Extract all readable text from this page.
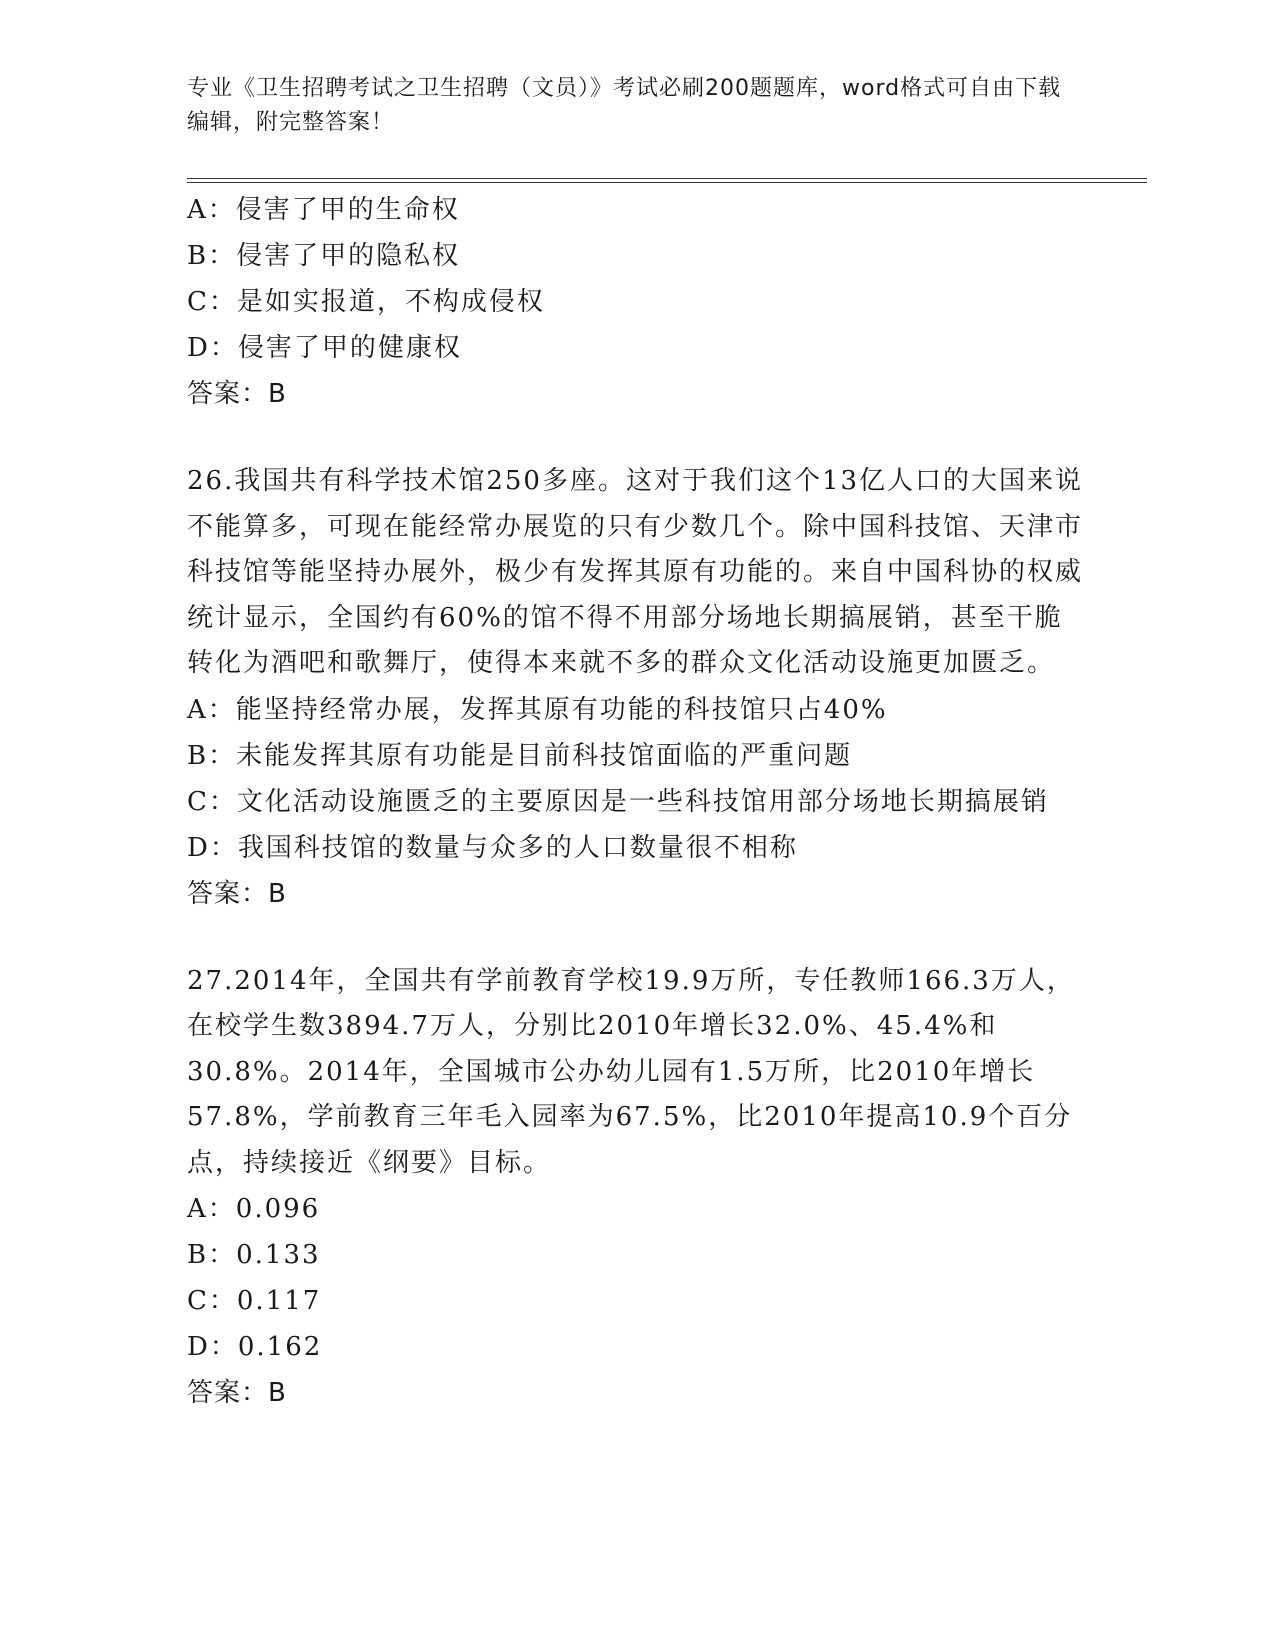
专业《卫生招聘考试之卫生招聘（文员）》考试必刷200题题库，word格式可自由下载编辑，附完整答案！
A：侵害了甲的生命权
B：侵害了甲的隐私权
C：是如实报道，不构成侵权
D：侵害了甲的健康权
答案：B
26.我国共有科学技术馆250多座。这对于我们这个13亿人口的大国来说不能算多，可现在能经常办展览的只有少数几个。除中国科技馆、天津市科技馆等能坚持办展外，极少有发挥其原有功能的。来自中国科协的权威统计显示，全国约有60%的馆不得不用部分场地长期搞展销，甚至干脆转化为酒吧和歌舞厅，使得本来就不多的群众文化活动设施更加匮乏。
A：能坚持经常办展，发挥其原有功能的科技馆只占40%
B：未能发挥其原有功能是目前科技馆面临的严重问题
C：文化活动设施匮乏的主要原因是一些科技馆用部分场地长期搞展销
D：我国科技馆的数量与众多的人口数量很不相称
答案：B
27.2014年，全国共有学前教育学校19.9万所，专任教师166.3万人，在校学生数3894.7万人，分别比2010年增长32.0%、45.4%和30.8%。2014年，全国城市公办幼儿园有1.5万所，比2010年增长57.8%，学前教育三年毛入园率为67.5%，比2010年提高10.9个百分点，持续接近《纲要》目标。
A：0.096
B：0.133
C：0.117
D：0.162
答案：B
